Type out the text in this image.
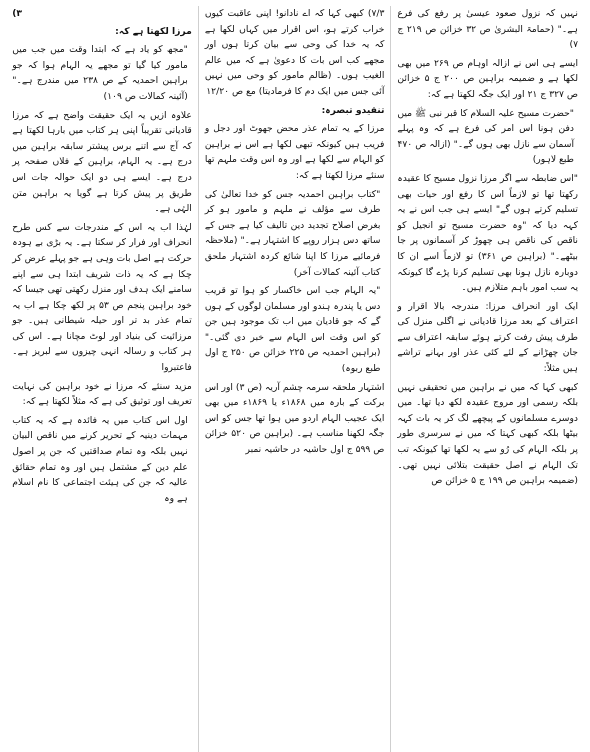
نہیں کہ نزول صعود عیسیٰ پر رفع کی فرع ہے۔" (حمامۃ البشریٰ ص ۳۲ خزائن ص ۲۱۹ ج ۷)

ایسے ہی اس نے ازالہ اوہام ص ۲۶۹ میں بھی لکھا ہے و ضمیمہ براہین ص ۲۰۰ ج ۵ خزائن ص ۳۲۷ ج ۲۱ اور ایک جگہ لکھتا ہے کہ:

"حضرت مسیح علیہ السلام کا قبر نبی ﷺ میں دفن ہونا اس امر کی فرع ہے کہ وہ پہلے آسمان سے نازل بھی ہوں گے۔" (ازالہ ص ۴۷۰ طبع لاہور)

"اس ضابطہ سے اگر مرزا نزول مسیح کا عقیدہ رکھتا تھا تو لازماً اس کا رفع اور حیات بھی تسلیم کرتے ہوں گے" ایسے ہی جب اس نے یہ کہہ دیا کہ "وہ حضرت مسیح تو انجیل کو ناقص کی ناقص ہی چھوڑ کر آسمانوں پر جا بیٹھے۔" (براہین ص ۳۶۱) تو لازماً اسے ان کا دوبارہ نازل ہونا بھی تسلیم کرنا پڑے گا کیونکہ یہ سب امور باہم متلازم ہیں۔

ایک اور انحراف مرزا: مندرجہ بالا اقرار و اعتراف کے بعد مرزا قادیانی نے اگلی منزل کی طرف پیش رفت کرتے ہوئے سابقہ اعتراف سے جان چھڑانے کے لئے کئی عذر اور بہانے تراشے ہیں مثلاً:

کبھی کہا کہ میں نے براہین میں تحقیقی نہیں بلکہ رسمی اور مروج عقیدہ لکھ دیا تھا۔ میں دوسرے مسلمانوں کے پیچھے لگ کر یہ بات کہہ بیٹھا بلکہ کبھی کہتا کہ میں نے سرسری طور پر بلکہ الہام کی رُو سے یہ لکھا تھا کیونکہ تب تک الہام نے اصل حقیقت بتلائی نہیں تھی۔ (ضمیمہ براہین ص ۱۹۹ ج ۵ خزائن ص

۷/۳) کبھی کہا کہ اے نادانو! اپنی عاقبت کیوں خراب کرتے ہو، اس اقرار میں کہاں لکھا ہے کہ یہ خدا کی وحی سے بیان کرتا ہوں اور مجھے کب اس بات کا دعویٰ ہے کہ میں عالم الغیب ہوں۔ (ظالم مامور کو وحی میں نہیں آئی جس میں ایک دم کا فرمادیتا) مع ص ۱۲/۲۰

تنقیدو تبصرہ:

مرزا کے یہ تمام عذر محض جھوٹ اور دجل و فریب ہیں کیونکہ تبھی لکھا ہے اس نے براہین کو الہام سے لکھا ہے اور وہ اس وقت ملہم تھا سنئے مرزا لکھتا ہے کہ:

"کتاب براہین احمدیہ جس کو خدا تعالیٰ کی طرف سے مؤلف نے ملہم و مامور ہو کر بغرض اصلاح تجدید دین تالیف کیا ہے جس کے ساتھ دس ہزار روپے کا اشتہار ہے۔" (ملاحظہ فرمائیے مرزا کا اپنا شائع کردہ اشتہار ملحق کتاب آئینہ کمالات آخر)

"یہ الہام جب اس خاکسار کو ہوا تو قریب دس یا پندرہ ہندو اور مسلمان لوگوں کے ہوں گے کہ جو قادیان میں اب تک موجود ہیں جن کو اس وقت اس الہام سے خبر دی گئی۔" (براہین احمدیہ ص ۲۲۵ خزائن ص ۲۵۰ ج اول طبع ربوہ)

اشتہار ملحقہ سرمہ چشم آریہ (ص ۳) اور اس برکت کے بارہ میں ۱۸۶۸ء یا ۱۸۶۹ء میں بھی ایک عجیب الہام اردو میں ہوا تھا جس کو اس جگہ لکھنا مناسب ہے۔ (براہین ص ۵۲۰ خزائن ص ۵۹۹ ج اول حاشیہ در حاشیہ نمبر

۳)

مرزا لکھتا ہے کہ:

"مجھ کو یاد ہے کہ ابتدا وقت میں جب میں مامور کیا گیا تو مجھے یہ الہام ہوا کہ جو براہین احمدیہ کے ص ۲۳۸ میں مندرج ہے۔" (آئینہ کمالات ص ۱۰۹)

علاوہ ازیں یہ ایک حقیقت واضح ہے کہ مرزا قادیانی تقریباً اپنی ہر کتاب میں بارہا لکھتا ہے کہ آج سے اتنے برس پیشتر سابقہ براہین میں درج ہے۔ یہ الہام، براہین کے فلاں صفحہ پر درج ہے۔ ایسے ہی دو ایک حوالہ جات اس طریق پر پیش کرتا ہے گویا یہ براہین متن الہٰی ہے۔

لہٰذا اب یہ اس کے مندرجات سے کس طرح انحراف اور فرار کر سکتا ہے۔ یہ بڑی بے ہودہ حرکت ہے اصل بات وہی ہے جو پہلے عرض کر چکا ہے کہ یہ ذات شریف ابتدا ہی سے اپنے سامنے ایک ہدف اور منزل رکھتی تھی جیسا کہ خود براہین پنجم ص ۵۳ پر لکھ چکا ہے اب یہ تمام عذر بد تر اور حیلہ شیطانی ہیں۔ جو مرزائیت کی بنیاد اور لوٹ مچانا ہے۔ اس کی ہر کتاب و رسالہ انہی چیزوں سے لبریز ہے۔ فاعتبروا

مزید سنئے کہ مرزا نے خود براہین کی نہایت تعریف اور توثیق کی ہے کہ مثلاً لکھتا ہے کہ:

اول اس کتاب میں یہ فائدہ ہے کہ یہ کتاب مہمات دینیہ کے تحریر کرنے میں ناقص البیان نہیں بلکہ وہ تمام صداقتیں کہ جن پر اصول علم دین کے مشتمل ہیں اور وہ تمام حقائق عالیہ کہ جن کی ہیئت اجتماعی کا نام اسلام ہے وہ
